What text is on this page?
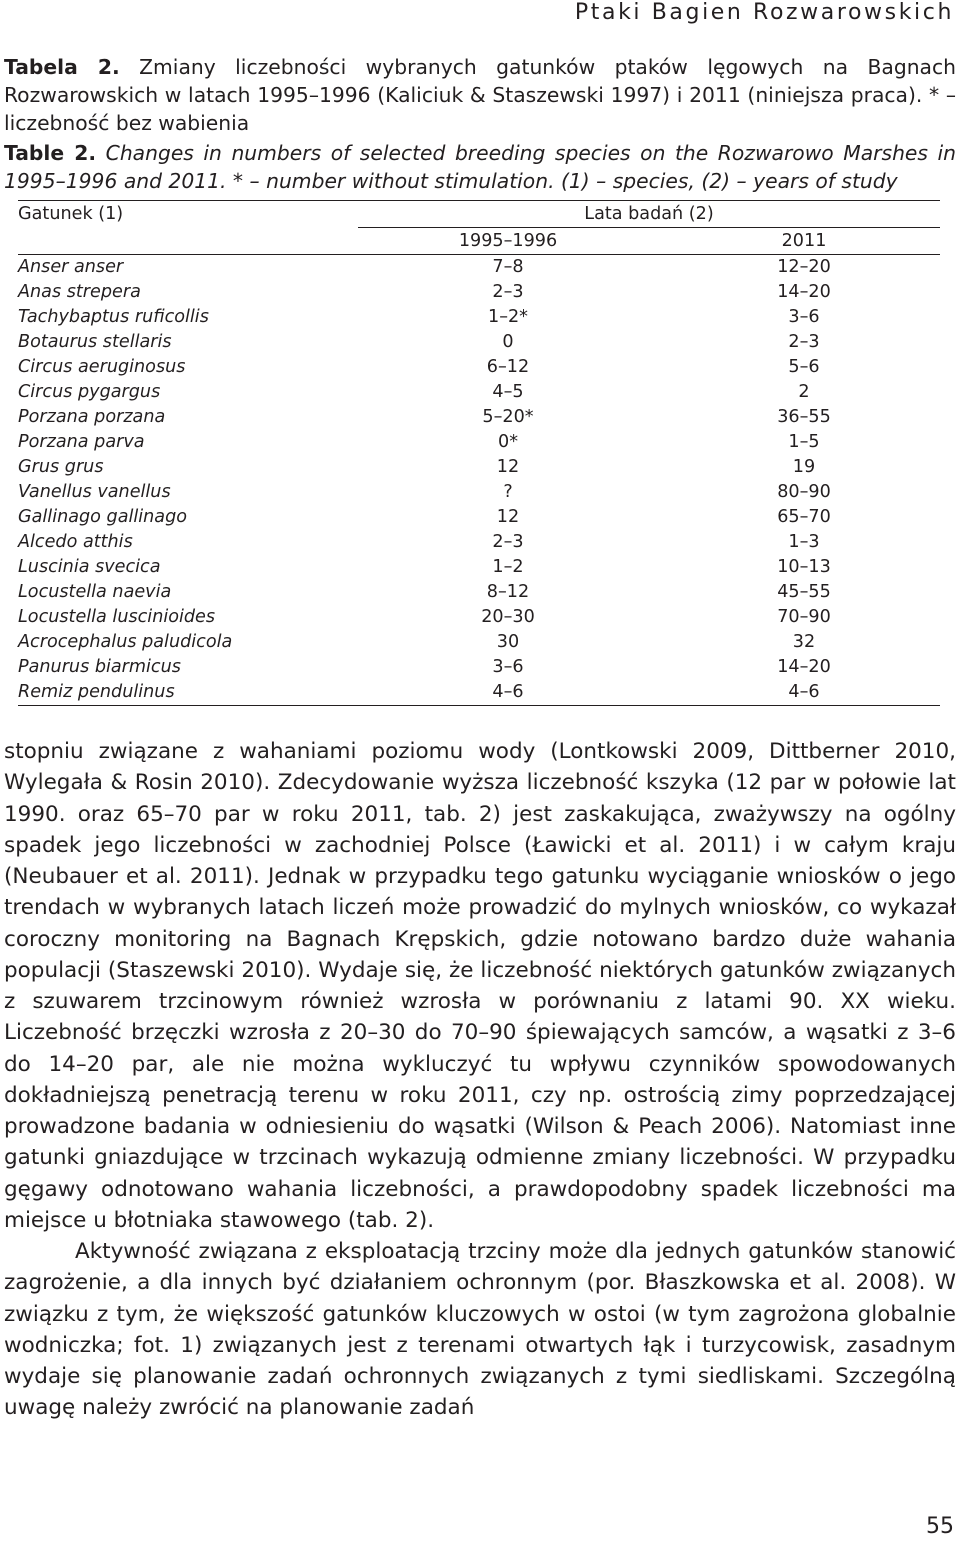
Ptaki Bagien Rozwarowskich
Tabela 2. Zmiany liczebności wybranych gatunków ptaków lęgowych na Bagnach Rozwarowskich w latach 1995–1996 (Kaliciuk & Staszewski 1997) i 2011 (niniejsza praca). * – liczebność bez wabienia
Table 2. Changes in numbers of selected breeding species on the Rozwarowo Marshes in 1995–1996 and 2011. * – number without stimulation. (1) – species, (2) – years of study
Gatunek (1)	Lata badań (2)
1995–1996	2011
Anser anser	7–8	12–20
Anas strepera	2–3	14–20
Tachybaptus ruficollis	1–2*	3–6
Botaurus stellaris	0	2–3
Circus aeruginosus	6–12	5–6
Circus pygargus	4–5	2
Porzana porzana	5–20*	36–55
Porzana parva	0*	1–5
Grus grus	12	19
Vanellus vanellus	?	80–90
Gallinago gallinago	12	65–70
Alcedo atthis	2–3	1–3
Luscinia svecica	1–2	10–13
Locustella naevia	8–12	45–55
Locustella luscinioides	20–30	70–90
Acrocephalus paludicola	30	32
Panurus biarmicus	3–6	14–20
Remiz pendulinus	4–6	4–6

stopniu związane z wahaniami poziomu wody (Lontkowski 2009, Dittberner 2010, Wylegała & Rosin 2010). Zdecydowanie wyższa liczebność kszyka (12 par w połowie lat 1990. oraz 65–70 par w roku 2011, tab. 2) jest zaskakująca, zważywszy na ogólny spadek jego liczebności w zachodniej Polsce (Ławicki et al. 2011) i w całym kraju (Neubauer et al. 2011). Jednak w przypadku tego gatunku wyciąganie wniosków o jego trendach w wybranych latach liczeń może prowadzić do mylnych wniosków, co wykazał coroczny monitoring na Bagnach Krępskich, gdzie notowano bardzo duże wahania populacji (Staszewski 2010). Wydaje się, że liczebność niektórych gatunków związanych z szuwarem trzcinowym również wzrosła w porównaniu z latami 90. XX wieku. Liczebność brzęczki wzrosła z 20–30 do 70–90 śpiewających samców, a wąsatki z 3–6 do 14–20 par, ale nie można wykluczyć tu wpływu czynników spowodowanych dokładniejszą penetracją terenu w roku 2011, czy np. ostrością zimy poprzedzającej prowadzone badania w odniesieniu do wąsatki (Wilson & Peach 2006). Natomiast inne gatunki gniazdujące w trzcinach wykazują odmienne zmiany liczebności. W przypadku gęgawy odnotowano wahania liczebności, a prawdopodobny spadek liczebności ma miejsce u błotniaka stawowego (tab. 2).

Aktywność związana z eksploatacją trzciny może dla jednych gatunków stanowić zagrożenie, a dla innych być działaniem ochronnym (por. Błaszkowska et al. 2008). W związku z tym, że większość gatunków kluczowych w ostoi (w tym zagrożona globalnie wodniczka; fot. 1) związanych jest z terenami otwartych łąk i turzycowisk, zasadnym wydaje się planowanie zadań ochronnych związanych z tymi siedliskami. Szczególną uwagę należy zwrócić na planowanie zadań

55
